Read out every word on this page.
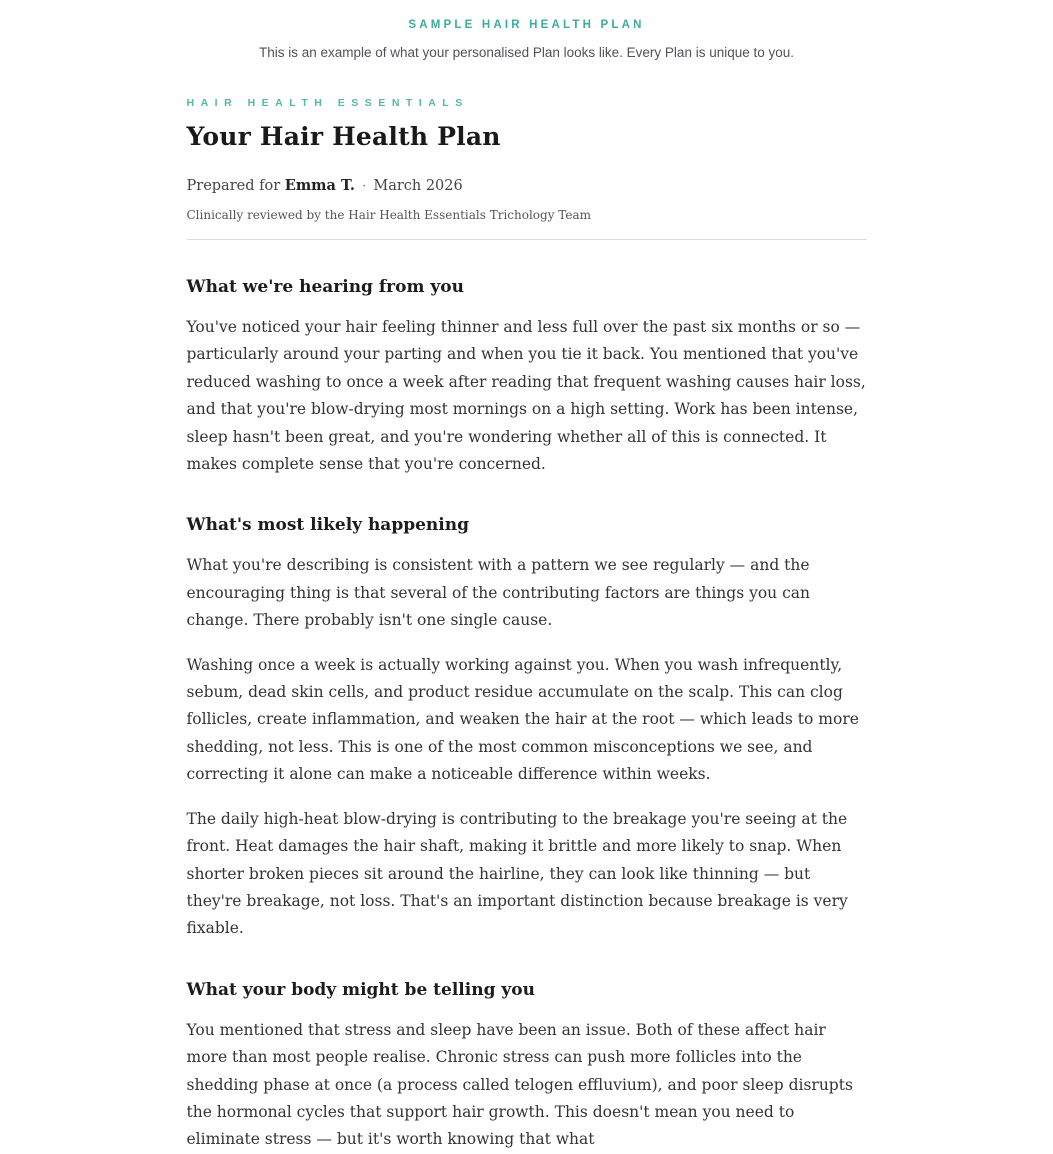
SAMPLE HAIR HEALTH PLAN
This is an example of what your personalised Plan looks like. Every Plan is unique to you.
HAIR HEALTH ESSENTIALS
Your Hair Health Plan
Prepared for Emma T. · March 2026
Clinically reviewed by the Hair Health Essentials Trichology Team
What we're hearing from you

You've noticed your hair feeling thinner and less full over the past six months or so — particularly around your parting and when you tie it back. You mentioned that you've reduced washing to once a week after reading that frequent washing causes hair loss, and that you're blow-drying most mornings on a high setting. Work has been intense, sleep hasn't been great, and you're wondering whether all of this is connected. It makes complete sense that you're concerned.

What's most likely happening

What you're describing is consistent with a pattern we see regularly — and the encouraging thing is that several of the contributing factors are things you can change. There probably isn't one single cause.

Washing once a week is actually working against you. When you wash infrequently, sebum, dead skin cells, and product residue accumulate on the scalp. This can clog follicles, create inflammation, and weaken the hair at the root — which leads to more shedding, not less. This is one of the most common misconceptions we see, and correcting it alone can make a noticeable difference within weeks.

The daily high-heat blow-drying is contributing to the breakage you're seeing at the front. Heat damages the hair shaft, making it brittle and more likely to snap. When shorter broken pieces sit around the hairline, they can look like thinning — but they're breakage, not loss. That's an important distinction because breakage is very fixable.

What your body might be telling you

You mentioned that stress and sleep have been an issue. Both of these affect hair more than most people realise. Chronic stress can push more follicles into the shedding phase at once (a process called telogen effluvium), and poor sleep disrupts the hormonal cycles that support hair growth. This doesn't mean you need to eliminate stress — but it's worth knowing that what
